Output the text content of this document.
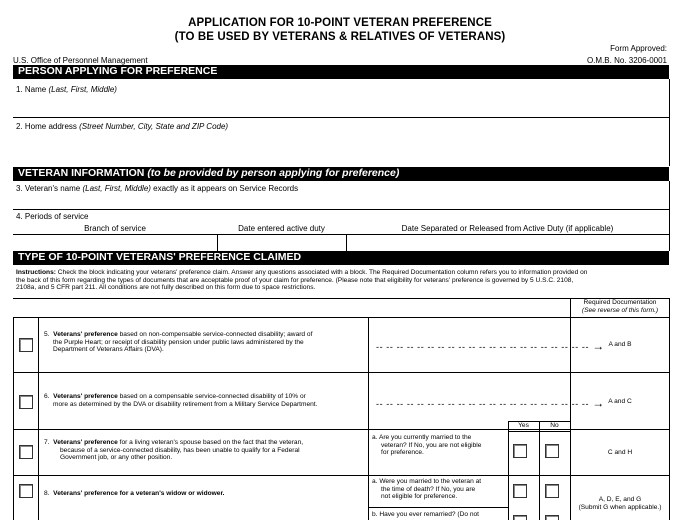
APPLICATION FOR 10-POINT VETERAN PREFERENCE
(TO BE USED BY VETERANS & RELATIVES OF VETERANS)
U.S. Office of Personnel Management
Form Approved:
O.M.B. No. 3206-0001
PERSON APPLYING FOR PREFERENCE
1. Name (Last, First, Middle)
2. Home address (Street Number, City, State and ZIP Code)
VETERAN INFORMATION (to be provided by person applying for preference)
3. Veteran's name (Last, First, Middle) exactly as it appears on Service Records
4. Periods of service
Branch of service	Date entered active duty	Date Separated or Released from Active Duty (if applicable)
TYPE OF 10-POINT VETERANS' PREFERENCE CLAIMED
Instructions: Check the block indicating your veterans' preference claim. Answer any questions associated with a block. The Required Documentation column refers you to information provided on
the back of this form regarding the types of documents that are acceptable proof of your claim for preference. (Please note that eligibility for veterans' preference is governed by 5 U.S.C. 2108,
2108a, and 5 CFR part 211. All conditions are not fully described on this form due to space restrictions.
Required Documentation
(See reverse of this form.)
Yes	No
5. Veterans' preference based on non-compensable service-connected disability; award of
the Purple Heart; or receipt of disability pension under public laws administered by the
Department of Veterans Affairs (DVA).	-- -- -- -- -- -- -- -- -- -- -- -- -- -- -- -- -- -- -- -- -- → A and B
6. Veterans' preference based on a compensable service-connected disability of 10% or
more as determined by the DVA or disability retirement from a Military Service Department.	-- -- -- -- -- -- -- -- -- -- -- -- -- -- -- -- -- -- -- -- -- → A and C
7. Veterans' preference for a living veteran's spouse based on the fact that the veteran,
because of a service-connected disability, has been unable to qualify for a Federal
Government job, or any other position.
a. Are you currently married to the
veteran? If No, you are not eligible
for preference.	C and H
8. Veterans' preference for a veteran's widow or widower.
a. Were you married to the veteran at
the time of death? If No, you are
not eligible for preference.
b. Have you ever remarried? (Do not
A, D, E, and G
(Submit G when applicable.)
